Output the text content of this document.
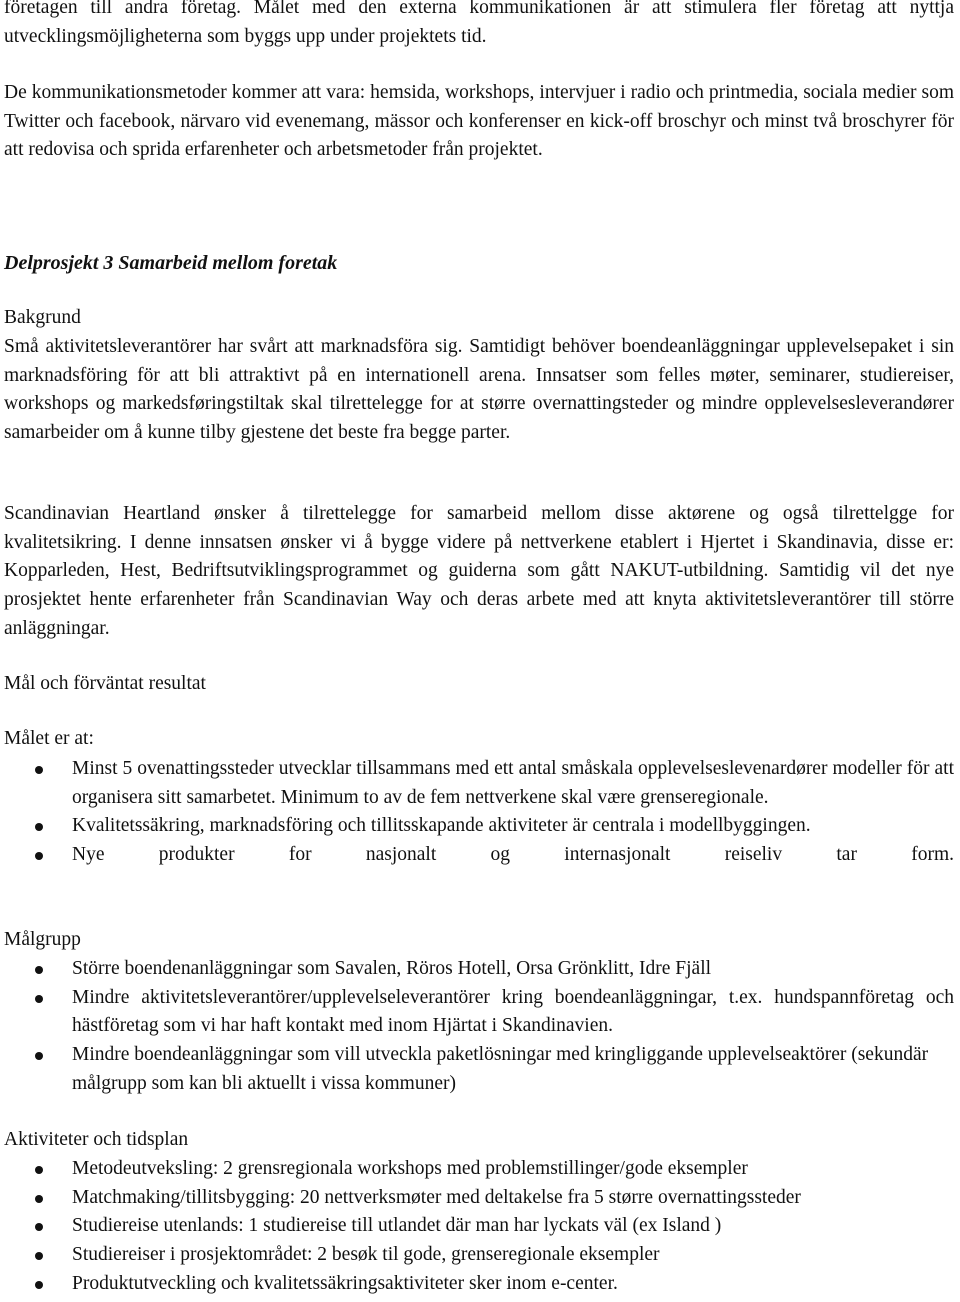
företagen till andra företag. Målet med den externa kommunikationen är att stimulera fler företag att nyttja
utvecklingsmöjligheterna som byggs upp under projektets tid.
De kommunikationsmetoder kommer att vara: hemsida, workshops, intervjuer i radio och printmedia, sociala medier som Twitter och facebook, närvaro vid evenemang, mässor och konferenser en kick-off broschyr och minst två broschyrer för att redovisa och sprida erfarenheter och arbetsmetoder från projektet.
Delprosjekt 3 Samarbeid mellom foretak
Bakgrund
Små aktivitetsleverantörer har svårt att marknadsföra sig. Samtidigt behöver boendeanläggningar upplevelsepaket i sin marknadsföring för att bli attraktivt på en internationell arena. Innsatser som felles møter, seminarer, studiereiser, workshops og markedsføringstiltak skal tilrettelegge for at større overnattingsteder og mindre opplevelsesleverandører samarbeider om å kunne tilby gjestene det beste fra begge parter.
Scandinavian Heartland ønsker å tilrettelegge for samarbeid mellom disse aktørene og også tilrettelgge for kvalitetsikring. I denne innsatsen ønsker vi å bygge videre på nettverkene etablert i Hjertet i Skandinavia, disse er: Kopparleden, Hest, Bedriftsutviklingsprogrammet og guiderna som gått NAKUT-utbildning. Samtidig vil det nye prosjektet hente erfarenheter från Scandinavian Way och deras arbete med att knyta aktivitetsleverantörer till större anläggningar.
Mål och förväntat resultat
Målet er at:
Minst 5 ovenattingssteder utvecklar tillsammans med ett antal småskala opplevelseslevenardører modeller för att organisera sitt samarbetet. Minimum to av de fem nettverkene skal være grenseregionale.
Kvalitetssäkring, marknadsföring och tillitsskapande aktiviteter är centrala i modellbyggingen.
Nye produkter for nasjonalt og internasjonalt reiseliv tar form.
Målgrupp
Större boendenanläggningar som Savalen, Röros Hotell, Orsa Grönklitt, Idre Fjäll
Mindre aktivitetsleverantörer/upplevelseleverantörer kring boendeanläggningar, t.ex. hundspannföretag och hästföretag som vi har haft kontakt med inom Hjärtat i Skandinavien.
Mindre boendeanläggningar som vill utveckla paketlösningar med kringliggande upplevelseaktörer (sekundär målgrupp som kan bli aktuellt i vissa kommuner)
Aktiviteter och tidsplan
Metodeutveksling: 2 grensregionala workshops med problemstillinger/gode eksempler
Matchmaking/tillitsbygging: 20 nettverksmøter med deltakelse fra 5 større overnattingssteder
Studiereise utenlands: 1 studiereise till utlandet där man har lyckats väl (ex Island )
Studiereiser i prosjektområdet: 2 besøk til gode, grenseregionale eksempler
Produktutveckling och kvalitetssäkringsaktiviteter sker inom e-center.
